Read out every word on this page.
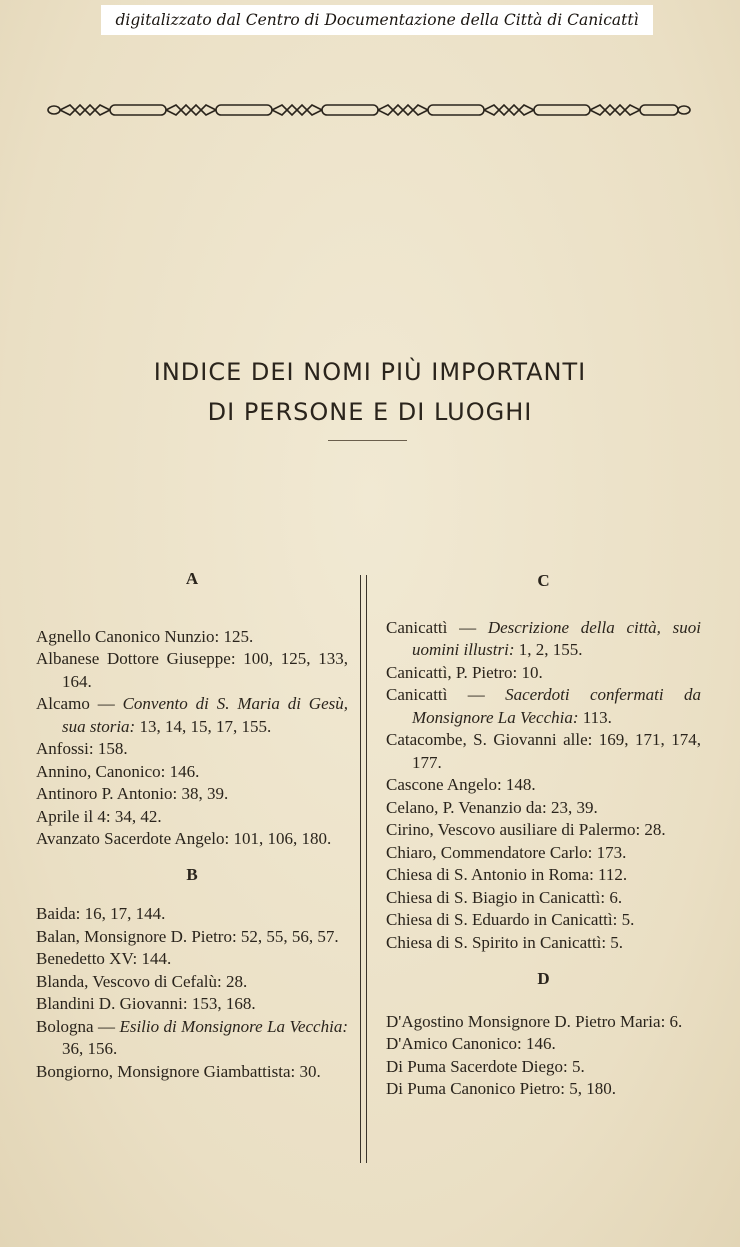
digitalizzato dal Centro di Documentazione della Città di Canicattì
INDICE DEI NOMI PIÙ IMPORTANTI
DI PERSONE E DI LUOGHI
A
Agnello Canonico Nunzio: 125.
Albanese Dottore Giuseppe: 100, 125, 133, 164.
Alcamo — Convento di S. Maria di Gesù, sua storia: 13, 14, 15, 17, 155.
Anfossi: 158.
Annino, Canonico: 146.
Antinoro P. Antonio: 38, 39.
Aprile il 4: 34, 42.
Avanzato Sacerdote Angelo: 101, 106, 180.
B
Baida: 16, 17, 144.
Balan, Monsignore D. Pietro: 52, 55, 56, 57.
Benedetto XV: 144.
Blanda, Vescovo di Cefalù: 28.
Blandini D. Giovanni: 153, 168.
Bologna — Esilio di Monsignore La Vecchia: 36, 156.
Bongiorno, Monsignore Giambattista: 30.
C
Canicattì — Descrizione della città, suoi uomini illustri: 1, 2, 155.
Canicattì, P. Pietro: 10.
Canicattì — Sacerdoti confermati da Monsignore La Vecchia: 113.
Catacombe, S. Giovanni alle: 169, 171, 174, 177.
Cascone Angelo: 148.
Celano, P. Venanzio da: 23, 39.
Cirino, Vescovo ausiliare di Palermo: 28.
Chiaro, Commendatore Carlo: 173.
Chiesa di S. Antonio in Roma: 112.
Chiesa di S. Biagio in Canicattì: 6.
Chiesa di S. Eduardo in Canicattì: 5.
Chiesa di S. Spirito in Canicattì: 5.
D
D'Agostino Monsignore D. Pietro Maria: 6.
D'Amico Canonico: 146.
Di Puma Sacerdote Diego: 5.
Di Puma Canonico Pietro: 5, 180.
